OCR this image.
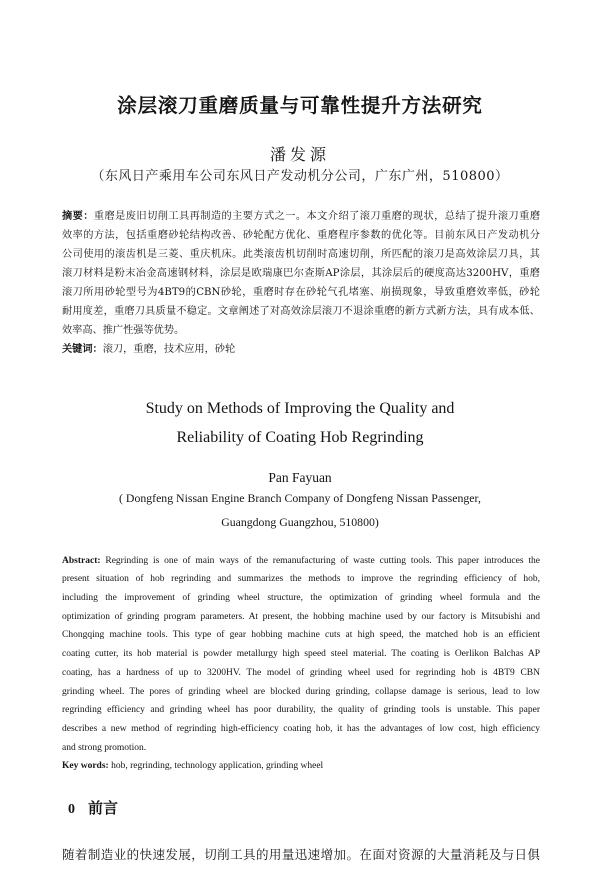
涂层滚刀重磨质量与可靠性提升方法研究
潘发源
（东风日产乘用车公司东风日产发动机分公司，广东广州，510800）
摘要：重磨是废旧切削工具再制造的主要方式之一。本文介绍了滚刀重磨的现状，总结了提升滚刀重磨
效率的方法，包括重磨砂轮结构改善、砂轮配方优化、重磨程序参数的优化等。目前东风日产发动机分
公司使用的滚齿机是三菱、重庆机床。此类滚齿机切削时高速切削，所匹配的滚刀是高效涂层刀具，其
滚刀材料是粉末冶金高速钢材料，涂层是欧瑞康巴尔查斯AP涂层，其涂层后的硬度高达3200HV，重磨
滚刀所用砂轮型号为4BT9的CBN砂轮，重磨时存在砂轮气孔堵塞、崩损现象，导致重磨效率低，砂轮
耐用度差，重磨刀具质量不稳定。文章阐述了对高效涂层滚刀不退涂重磨的新方式新方法，具有成本低、
效率高、推广性强等优势。
关键词：滚刀，重磨，技术应用，砂轮
Study on Methods of Improving the Quality and
Reliability of Coating Hob Regrinding
Pan Fayuan
( Dongfeng Nissan Engine Branch Company of Dongfeng Nissan Passenger,
Guangdong Guangzhou, 510800)
Abstract: Regrinding is one of main ways of the remanufacturing of waste cutting tools. This paper introduces the
present situation of hob regrinding and summarizes the methods to improve the regrinding efficiency of hob,
including the improvement of grinding wheel structure, the optimization of grinding wheel formula and the
optimization of grinding program parameters. At present, the hobbing machine used by our factory is Mitsubishi and
Chongqing machine tools. This type of gear hobbing machine cuts at high speed, the matched hob is an efficient
coating cutter, its hob material is powder metallurgy high speed steel material. The coating is Oerlikon Balchas AP
coating, has a hardness of up to 3200HV. The model of grinding wheel used for regrinding hob is 4BT9 CBN
grinding wheel. The pores of grinding wheel are blocked during grinding, collapse damage is serious, lead to low
regrinding efficiency and grinding wheel has poor durability, the quality of grinding tools is unstable. This paper
describes a new method of regrinding high-efficiency coating hob, it has the advantages of low cost, high efficiency
and strong promotion.
Key words: hob, regrinding, technology application, grinding wheel
0 前言
随着制造业的快速发展，切削工具的用量迅速增加。在面对资源的大量消耗及与日俱
